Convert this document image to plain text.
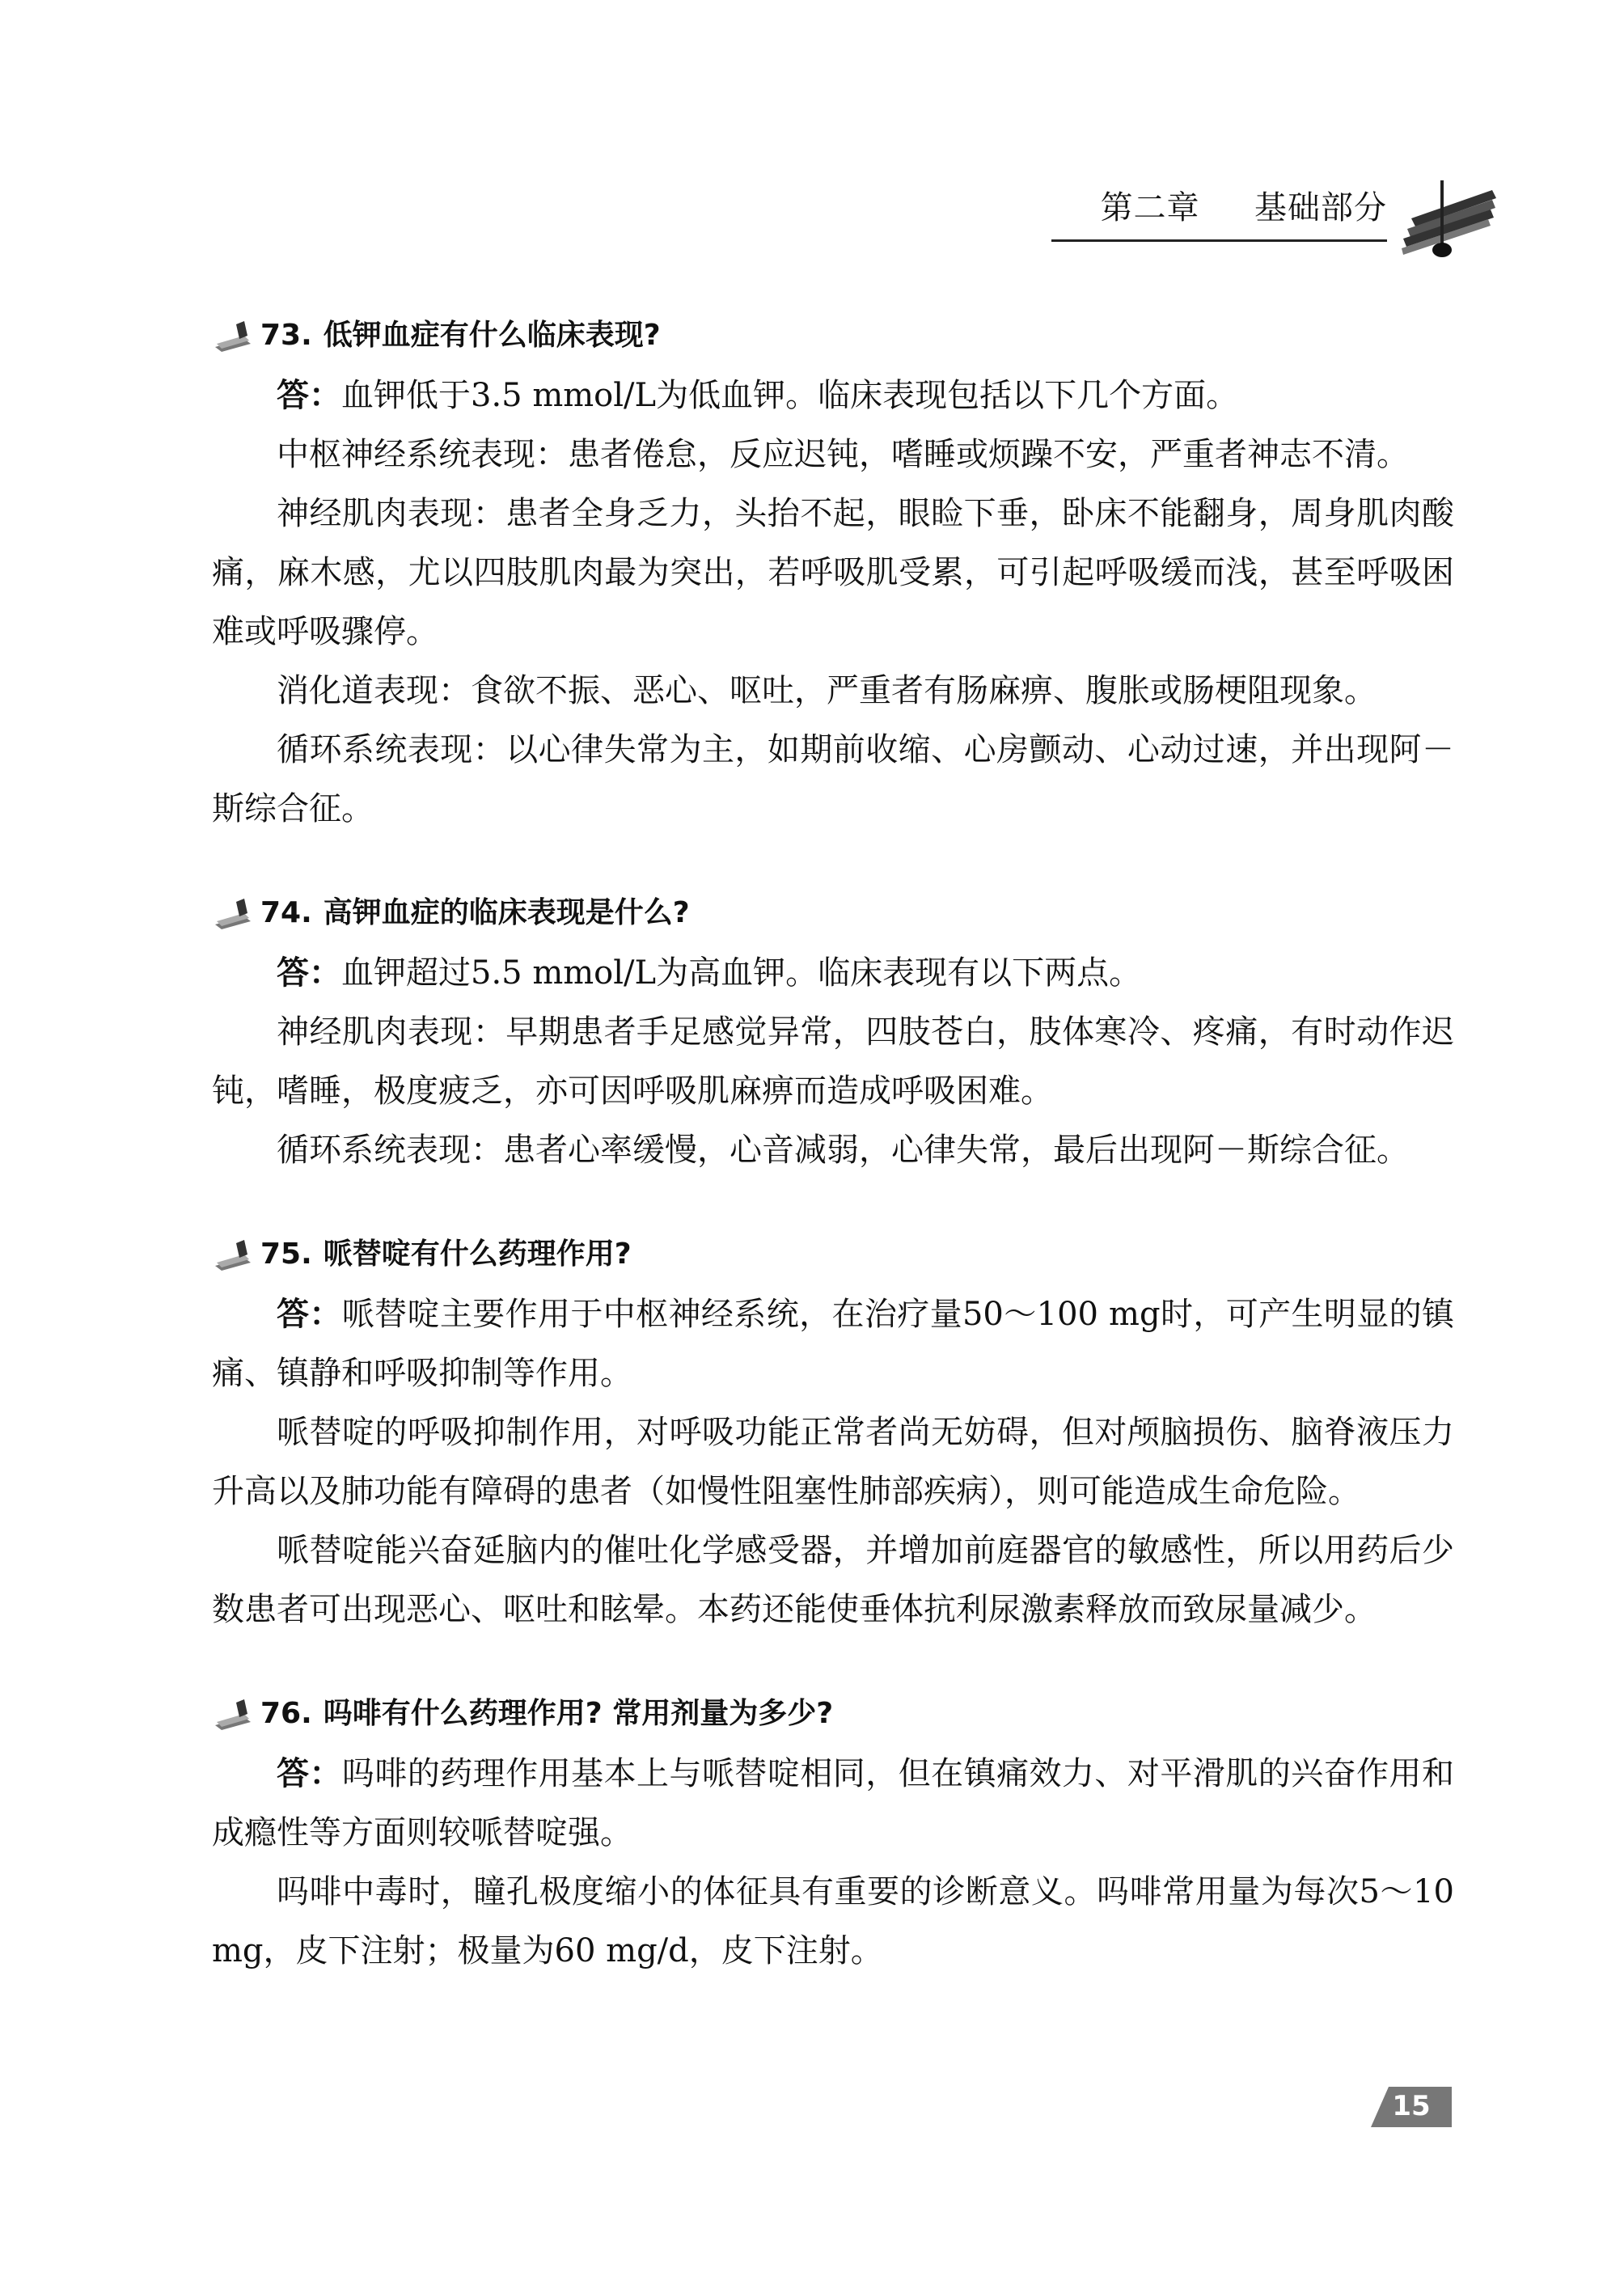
第二章 基础部分
73. 低钾血症有什么临床表现?

答：血钾低于3.5 mmol/L为低血钾。临床表现包括以下几个方面。

中枢神经系统表现：患者倦怠，反应迟钝，嗜睡或烦躁不安，严重者神志不清。

神经肌肉表现：患者全身乏力，头抬不起，眼睑下垂，卧床不能翻身，周身肌肉酸痛，麻木感，尤以四肢肌肉最为突出，若呼吸肌受累，可引起呼吸缓而浅，甚至呼吸困难或呼吸骤停。

消化道表现：食欲不振、恶心、呕吐，严重者有肠麻痹、腹胀或肠梗阻现象。

循环系统表现：以心律失常为主，如期前收缩、心房颤动、心动过速，并出现阿－斯综合征。

74. 高钾血症的临床表现是什么?

答：血钾超过5.5 mmol/L为高血钾。临床表现有以下两点。

神经肌肉表现：早期患者手足感觉异常，四肢苍白，肢体寒冷、疼痛，有时动作迟钝，嗜睡，极度疲乏，亦可因呼吸肌麻痹而造成呼吸困难。

循环系统表现：患者心率缓慢，心音减弱，心律失常，最后出现阿－斯综合征。

75. 哌替啶有什么药理作用?

答：哌替啶主要作用于中枢神经系统，在治疗量50～100 mg时，可产生明显的镇痛、镇静和呼吸抑制等作用。

哌替啶的呼吸抑制作用，对呼吸功能正常者尚无妨碍，但对颅脑损伤、脑脊液压力升高以及肺功能有障碍的患者（如慢性阻塞性肺部疾病），则可能造成生命危险。

哌替啶能兴奋延脑内的催吐化学感受器，并增加前庭器官的敏感性，所以用药后少数患者可出现恶心、呕吐和眩晕。本药还能使垂体抗利尿激素释放而致尿量减少。

76. 吗啡有什么药理作用? 常用剂量为多少?

答：吗啡的药理作用基本上与哌替啶相同，但在镇痛效力、对平滑肌的兴奋作用和成瘾性等方面则较哌替啶强。

吗啡中毒时，瞳孔极度缩小的体征具有重要的诊断意义。吗啡常用量为每次5～10 mg，皮下注射；极量为60 mg/d，皮下注射。

15
